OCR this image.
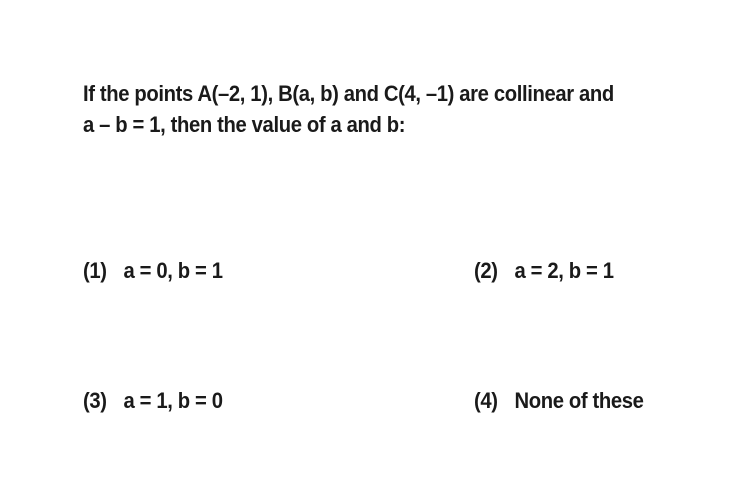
If the points A(–2, 1), B(a, b) and C(4, –1) are collinear and
a – b = 1, then the value of a and b:
(1) a = 0, b = 1	(2) a = 2, b = 1
(3) a = 1, b = 0	(4) None of these
